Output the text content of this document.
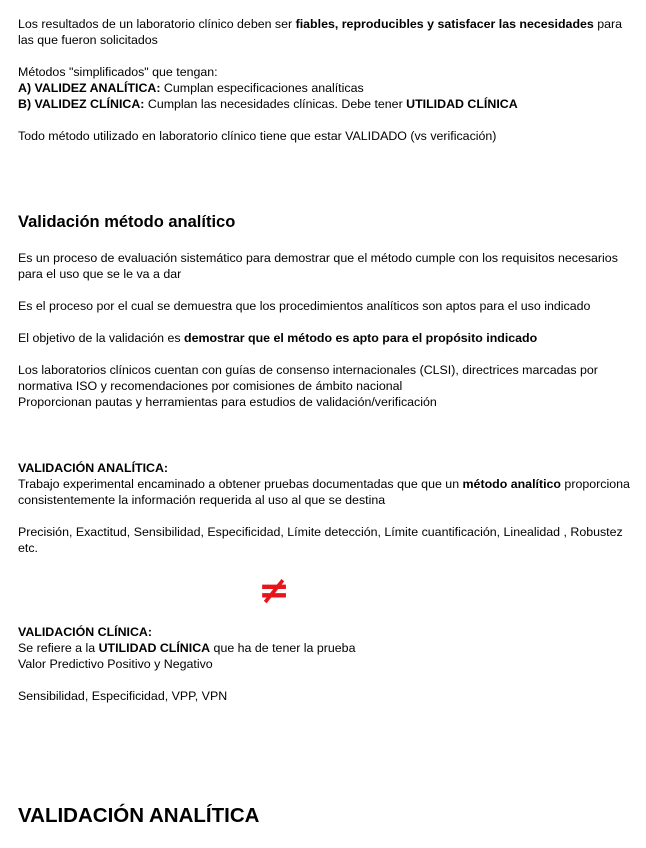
Los resultados de un laboratorio clínico deben ser fiables, reproducibles y satisfacer las necesidades para las que fueron solicitados

Métodos "simplificados" que tengan:

A) VALIDEZ ANALÍTICA: Cumplan especificaciones analíticas

B) VALIDEZ CLÍNICA: Cumplan las necesidades clínicas. Debe tener UTILIDAD CLÍNICA

Todo método utilizado en laboratorio clínico tiene que estar VALIDADO (vs verificación)

Validación método analítico

Es un proceso de evaluación sistemático para demostrar que el método cumple con los requisitos necesarios para el uso que se le va a dar

Es el proceso por el cual se demuestra que los procedimientos analíticos son aptos para el uso indicado

El objetivo de la validación es demostrar que el método es apto para el propósito indicado

Los laboratorios clínicos cuentan con guías de consenso internacionales (CLSI), directrices marcadas por normativa ISO y recomendaciones por comisiones de ámbito nacional

Proporcionan pautas y herramientas para estudios de validación/verificación

VALIDACIÓN ANALÍTICA:

Trabajo experimental encaminado a obtener pruebas documentadas que que un método analítico proporciona consistentemente la información requerida al uso al que se destina

Precisión, Exactitud, Sensibilidad, Especificidad, Límite detección, Límite cuantificación, Linealidad , Robustez etc.

≠

VALIDACIÓN CLÍNICA:

Se refiere a la UTILIDAD CLÍNICA que ha de tener la prueba

Valor Predictivo Positivo y Negativo

Sensibilidad, Especificidad, VPP, VPN

VALIDACIÓN ANALÍTICA
